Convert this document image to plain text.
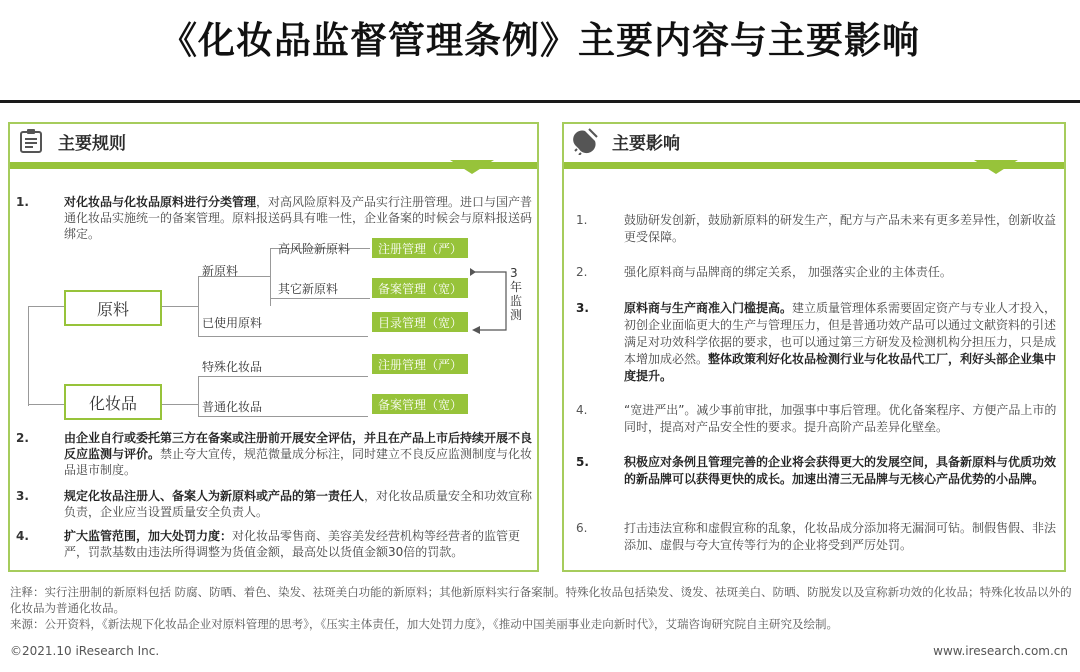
《化妆品监督管理条例》主要内容与主要影响
主要规则
1.	对化妆品与化妆品原料进行分类管理，对高风险原料及产品实行注册管理。进口与国产普通化妆品实施统一的备案管理。原料报送码具有唯一性，企业备案的时候会与原料报送码绑定。
2.	由企业自行或委托第三方在备案或注册前开展安全评估，并且在产品上市后持续开展不良反应监测与评价。禁止夸大宣传，规范微量成分标注，同时建立不良反应监测制度与化妆品退市制度。
3.	规定化妆品注册人、备案人为新原料或产品的第一责任人，对化妆品质量安全和功效宣称负责，企业应当设置质量安全负责人。
4.	扩大监管范围，加大处罚力度：对化妆品零售商、美容美发经营机构等经营者的监管更严，罚款基数由违法所得调整为货值金额，最高处以货值金额30倍的罚款。
原料
化妆品
新原料
高风险新原料
其它新原料
已使用原料
特殊化妆品
普通化妆品
注册管理（严）
备案管理（宽）
目录管理（宽）
注册管理（严）
备案管理（宽）
3年监测
主要影响
1.	鼓励研发创新，鼓励新原料的研发生产，配方与产品未来有更多差异性，创新收益更受保障。
2.	强化原料商与品牌商的绑定关系， 加强落实企业的主体责任。
3.	原料商与生产商准入门槛提高。建立质量管理体系需要固定资产与专业人才投入，初创企业面临更大的生产与管理压力，但是普通功效产品可以通过文献资料的引述满足对功效科学依据的要求，也可以通过第三方研发及检测机构分担压力，只是成本增加成必然。整体政策利好化妆品检测行业与化妆品代工厂，利好头部企业集中度提升。
4.	“宽进严出”。减少事前审批，加强事中事后管理。优化备案程序、方便产品上市的同时，提高对产品安全性的要求。提升高阶产品差异化壁垒。
5.	积极应对条例且管理完善的企业将会获得更大的发展空间，具备新原料与优质功效的新品牌可以获得更快的成长。加速出清三无品牌与无核心产品优势的小品牌。
6.	打击违法宣称和虚假宣称的乱象，化妆品成分添加将无漏洞可钻。制假售假、非法添加、虚假与夸大宣传等行为的企业将受到严厉处罚。
注释：实行注册制的新原料包括 防腐、防晒、着色、染发、祛斑美白功能的新原料；其他新原料实行备案制。特殊化妆品包括染发、烫发、祛斑美白、防晒、防脱发以及宣称新功效的化妆品；特殊化妆品以外的化妆品为普通化妆品。
来源：公开资料，《新法规下化妆品企业对原料管理的思考》，《压实主体责任，加大处罚力度》，《推动中国美丽事业走向新时代》，艾瑞咨询研究院自主研究及绘制。
©2021.10 iResearch Inc.	www.iresearch.com.cn
